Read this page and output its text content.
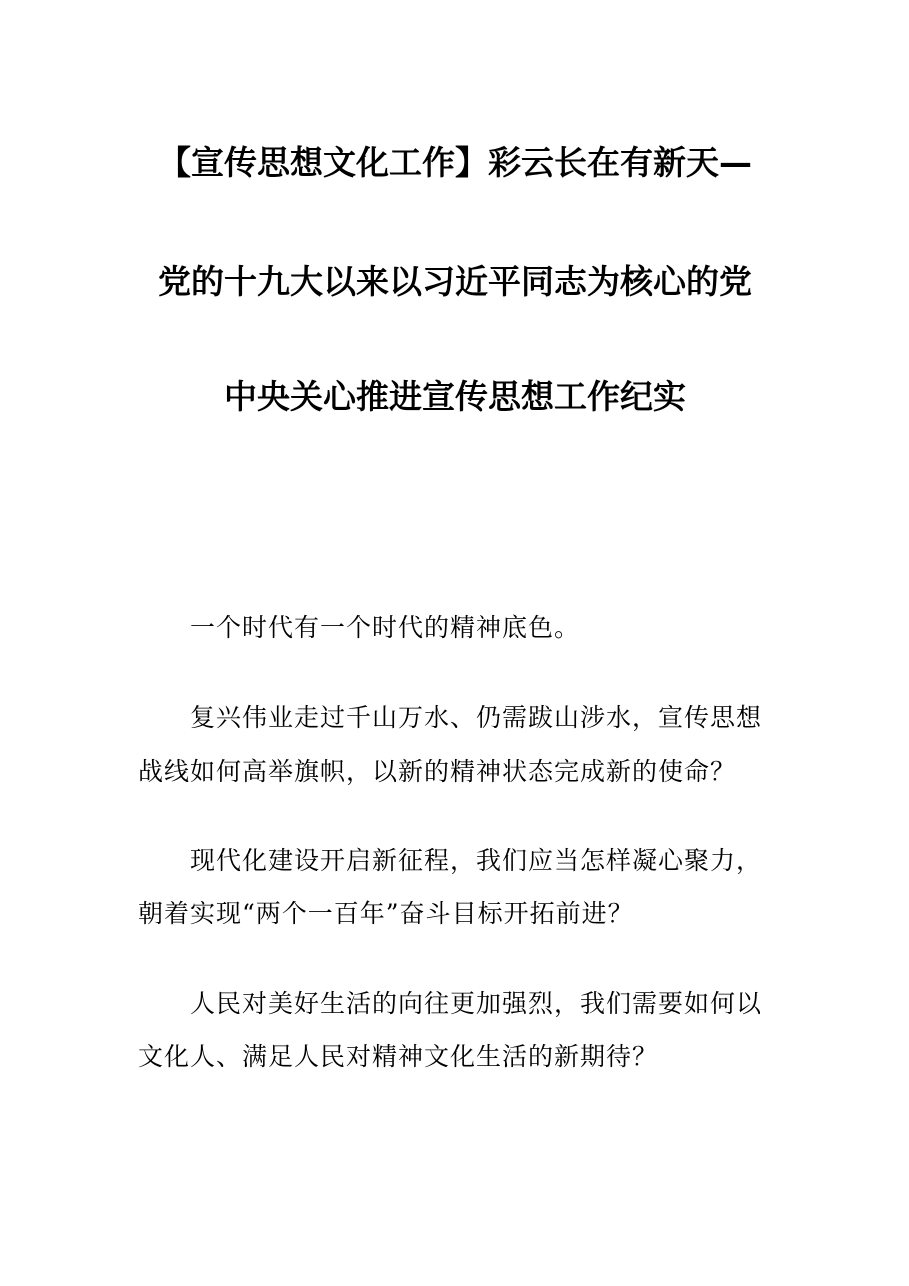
【宣传思想文化工作】彩云长在有新天—
党的十九大以来以习近平同志为核心的党
中央关心推进宣传思想工作纪实
一个时代有一个时代的精神底色。
复兴伟业走过千山万水、仍需跋山涉水，宣传思想
战线如何高举旗帜，以新的精神状态完成新的使命？
现代化建设开启新征程，我们应当怎样凝心聚力，
朝着实现“两个一百年”奋斗目标开拓前进？
人民对美好生活的向往更加强烈，我们需要如何以
文化人、满足人民对精神文化生活的新期待？
